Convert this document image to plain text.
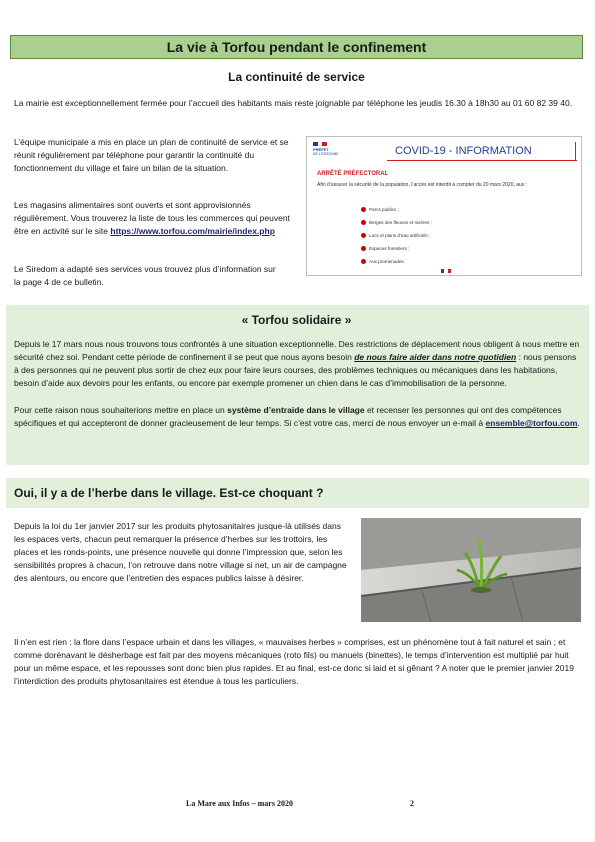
La vie à Torfou pendant le confinement
La continuité de service

La mairie est exceptionnellement fermée pour l’accueil des habitants mais reste joignable par téléphone les jeudis 16.30 à 18h30 au 01 60 82 39 40.

L’équipe municipale a mis en place un plan de continuité de service et se réunit régulièrement par téléphone pour garantir la continuité du fonctionnement du village et faire un bilan de la situation.

Les magasins alimentaires sont ouverts et sont approvisionnés régulièrement. Vous trouverez la liste de tous les commerces qui peuvent être en activité sur le site https://www.torfou.com/mairie/index.php

Le Siredom a adapté ses services vous trouvez plus d’information sur la page 4 de ce bulletin.

PRÉFET
DE L'ESSONNE	COVID-19 - INFORMATION
ARRÊTÉ PRÉFECTORAL
Afin d’assurer la sécurité de la population, l’accès est interdit à compter du 20 mars 2020, aux :
Parcs publics ;
Berges des fleuves et rivières ;
Lacs et plans d’eau artificiels ;
Espaces forestiers ;
Aux promenades.
« Torfou solidaire »

Depuis le 17 mars nous nous trouvons tous confrontés à une situation exceptionnelle. Des restrictions de déplacement nous obligent à nous mettre en sécurité chez soi. Pendant cette période de confinement il se peut que nous ayons besoin de nous faire aider dans notre quotidien : nous pensons à des personnes qui ne peuvent plus sortir de chez eux pour faire leurs courses, des problèmes techniques ou mécaniques dans les habitations, besoin d’aide aux devoirs pour les enfants, ou encore par exemple promener un chien dans le cas d’immobilisation de la personne.

Pour cette raison nous souhaiterions mettre en place un système d’entraide dans le village et recenser les personnes qui ont des compétences spécifiques et qui accepteront de donner gracieusement de leur temps. Si c’est votre cas, merci de nous envoyer un e-mail à ensemble@torfou.com.

Oui, il y a de l’herbe dans le village. Est-ce choquant ?

Depuis la loi du 1er janvier 2017 sur les produits phytosanitaires jusque-là utilisés dans les espaces verts, chacun peut remarquer la présence d’herbes sur les trottoirs, les places et les ronds-points, une présence nouvelle qui donne l’impression que, selon les sensibilités propres à chacun, l’on retrouve dans notre village si net, un air de campagne des alentours, ou encore que l’entretien des espaces publics laisse à désirer.

Il n’en est rien : la flore dans l’espace urbain et dans les villages, « mauvaises herbes » comprises, est un phénomène tout à fait naturel et sain ; et comme dorénavant le désherbage est fait par des moyens mécaniques (roto fils) ou manuels (binettes), le temps d’intervention est multiplié par huit pour un même espace, et les repousses sont donc bien plus rapides. Et au final, est-ce donc si laid et si gênant ? A noter que le premier janvier 2019 l’interdiction des produits phytosanitaires est étendue à tous les particuliers.

La Mare aux Infos – mars 2020	2
